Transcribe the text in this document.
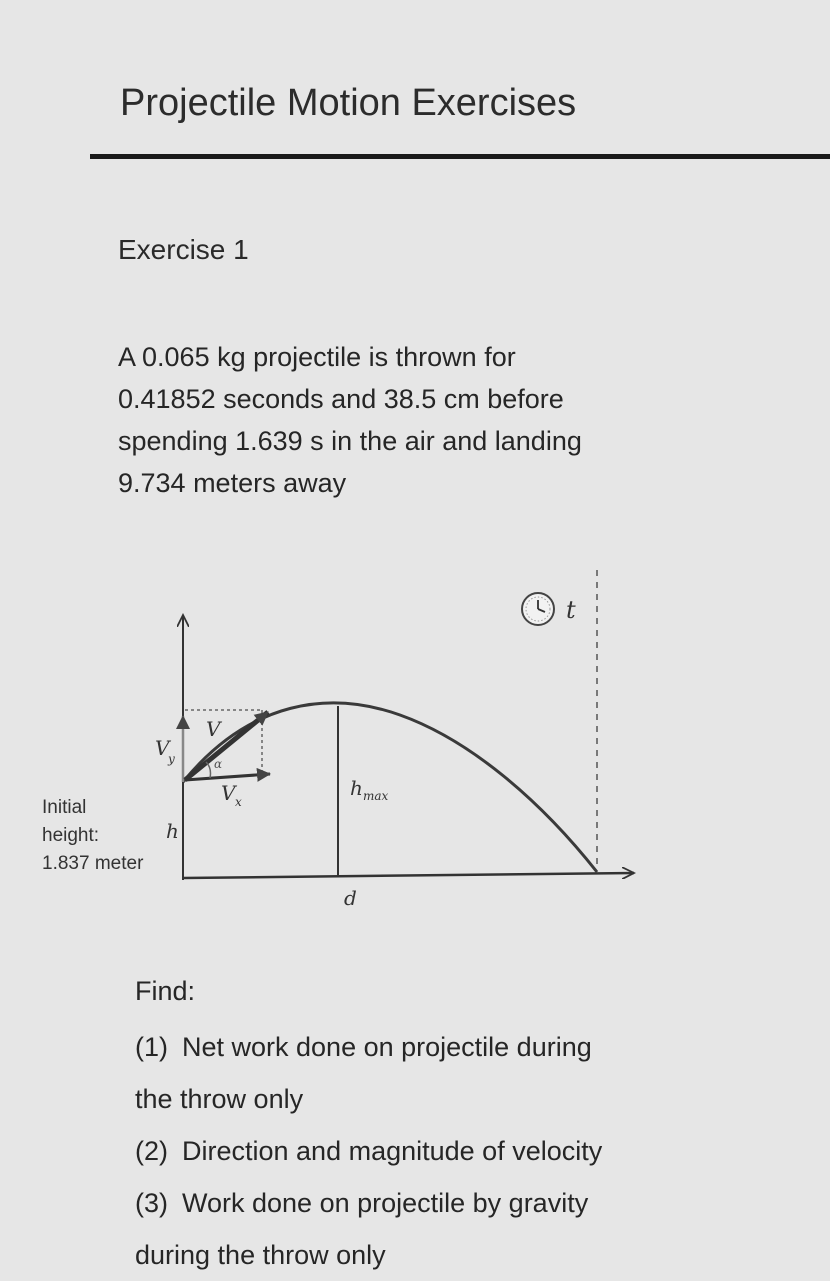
Projectile Motion Exercises
Exercise 1
A 0.065 kg projectile is thrown for
0.41852 seconds and 38.5 cm before
spending 1.639 s in the air and landing
9.734 meters away
V
V
y	α
V x
h
h max
d
t
Initial
height:
1.837 meter
Find:
(1) Net work done on projectile during
the throw only
(2) Direction and magnitude of velocity
(3) Work done on projectile by gravity
during the throw only
